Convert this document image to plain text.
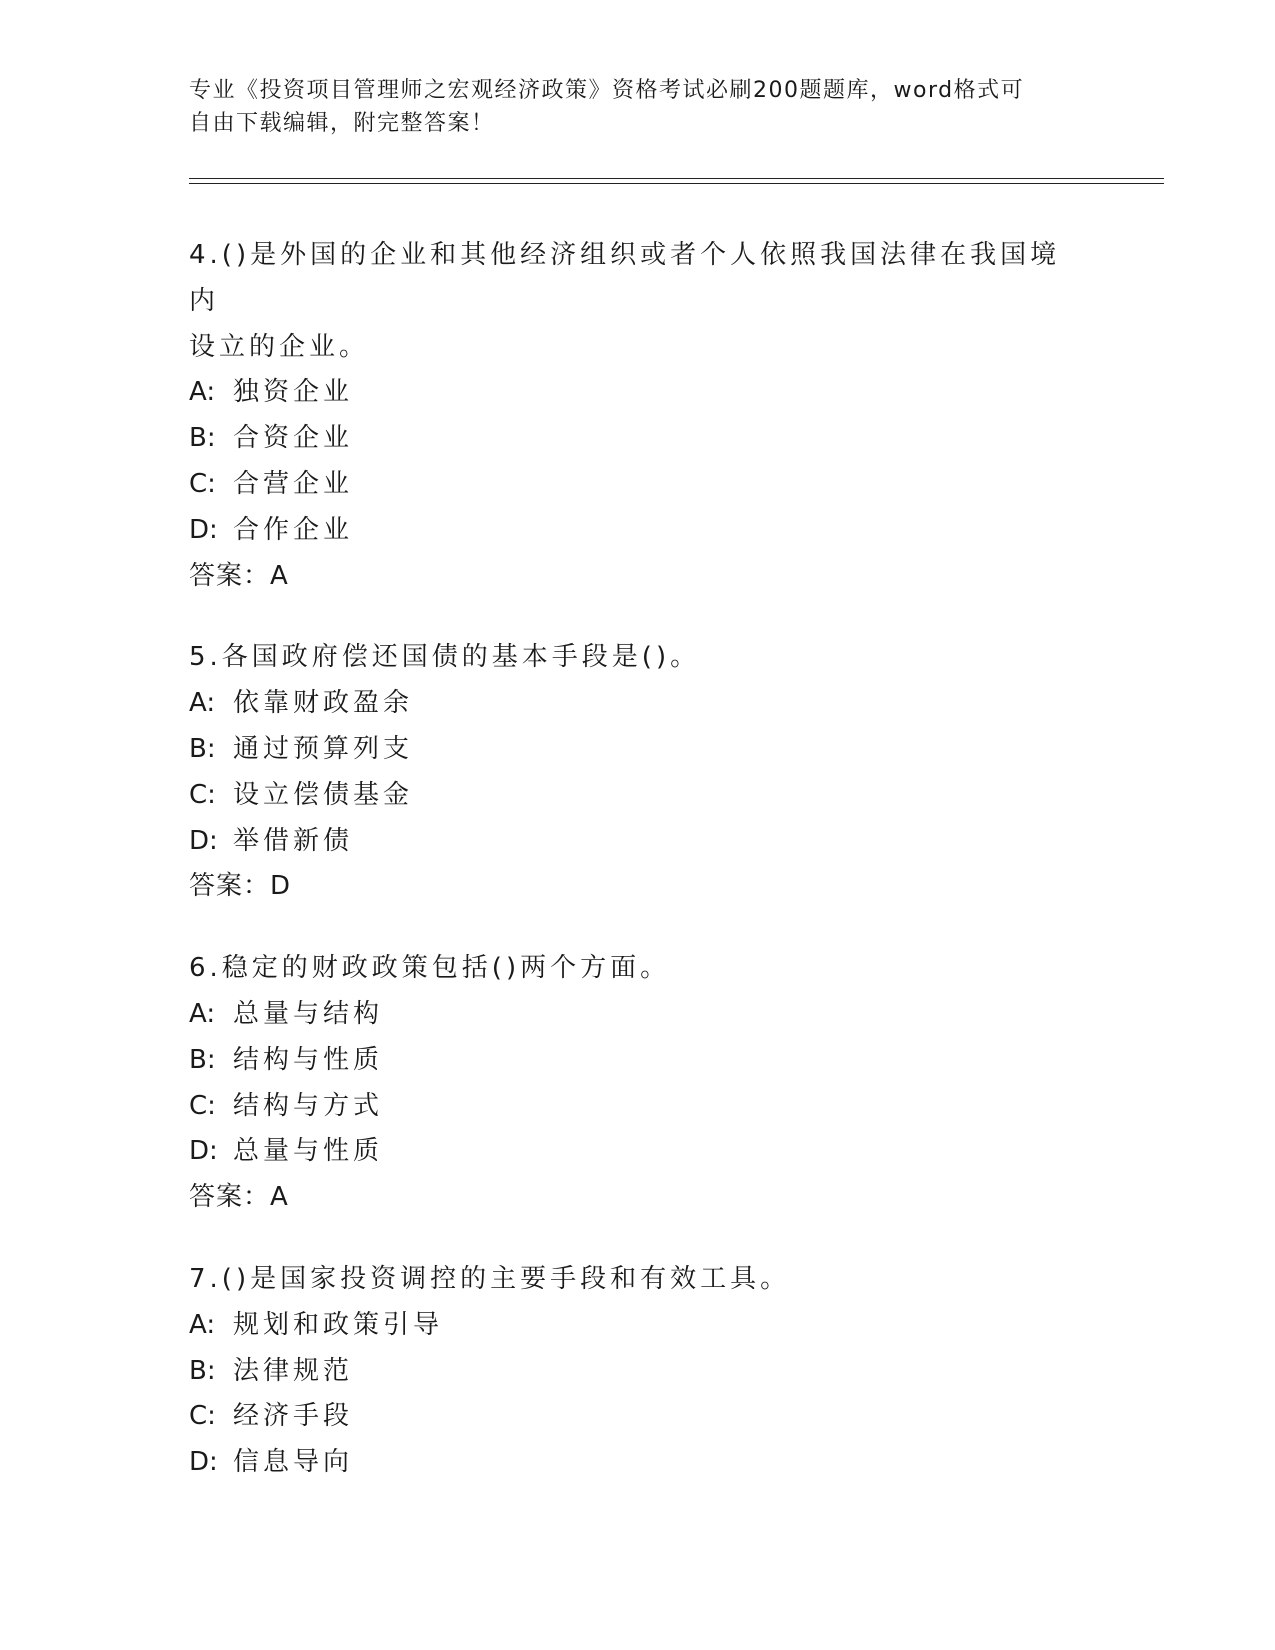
专业《投资项目管理师之宏观经济政策》资格考试必刷200题题库，word格式可
自由下载编辑，附完整答案！
4.()是外国的企业和其他经济组织或者个人依照我国法律在我国境内
设立的企业。
A: 独资企业
B: 合资企业
C: 合营企业
D: 合作企业
答案：A
5.各国政府偿还国债的基本手段是()。
A: 依靠财政盈余
B: 通过预算列支
C: 设立偿债基金
D: 举借新债
答案：D
6.稳定的财政政策包括()两个方面。
A: 总量与结构
B: 结构与性质
C: 结构与方式
D: 总量与性质
答案：A
7.()是国家投资调控的主要手段和有效工具。
A: 规划和政策引导
B: 法律规范
C: 经济手段
D: 信息导向
